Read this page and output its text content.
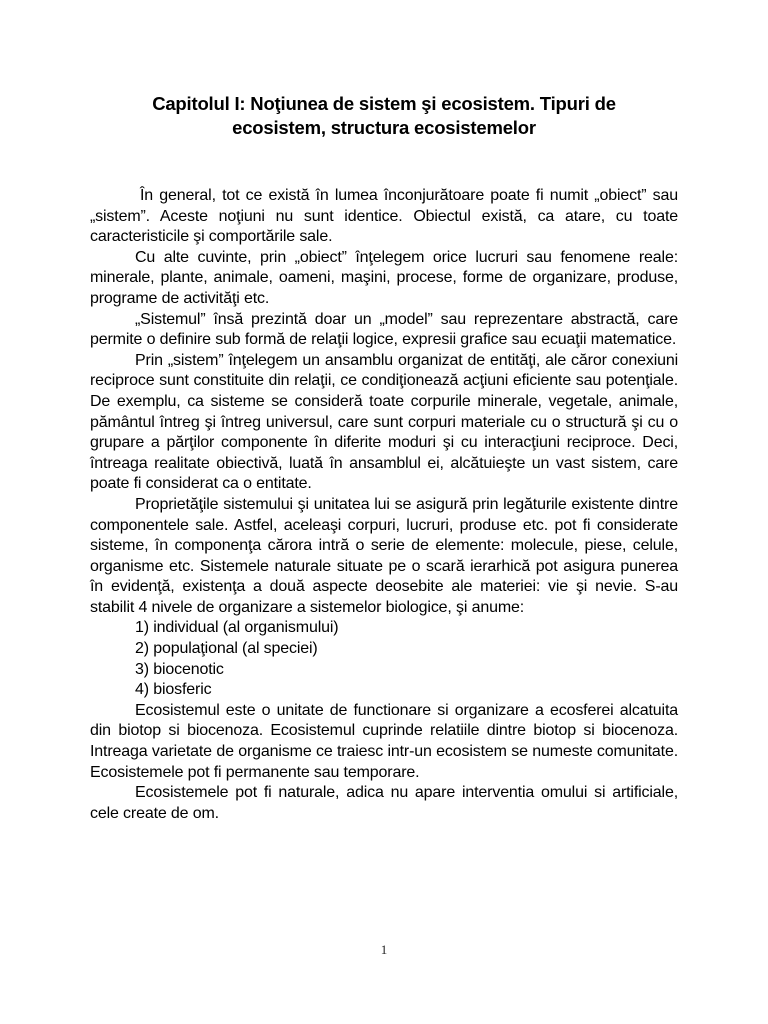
Capitolul I: Noţiunea de sistem şi ecosistem. Tipuri de
ecosistem, structura ecosistemelor

În general, tot ce există în lumea înconjurătoare poate fi numit „obiect” sau „sistem”. Aceste noţiuni nu sunt identice. Obiectul există, ca atare, cu toate caracteristicile şi comportările sale.

Cu alte cuvinte, prin „obiect” înţelegem orice lucruri sau fenomene reale: minerale, plante, animale, oameni, maşini, procese, forme de organizare, produse, programe de activităţi etc.

„Sistemul” însă prezintă doar un „model” sau reprezentare abstractă, care permite o definire sub formă de relaţii logice, expresii grafice sau ecuaţii matematice.

Prin „sistem” înţelegem un ansamblu organizat de entităţi, ale căror conexiuni reciproce sunt constituite din relaţii, ce condiţionează acţiuni eficiente sau potenţiale. De exemplu, ca sisteme se consideră toate corpurile minerale, vegetale, animale, pământul întreg şi întreg universul, care sunt corpuri materiale cu o structură şi cu o grupare a părţilor componente în diferite moduri şi cu interacţiuni reciproce. Deci, întreaga realitate obiectivă, luată în ansamblul ei, alcătuieşte un vast sistem, care poate fi considerat ca o entitate.

Proprietăţile sistemului şi unitatea lui se asigură prin legăturile existente dintre componentele sale. Astfel, aceleaşi corpuri, lucruri, produse etc. pot fi considerate sisteme, în componenţa cărora intră o serie de elemente: molecule, piese, celule, organisme etc. Sistemele naturale situate pe o scară ierarhică pot asigura punerea în evidenţă, existenţa a două aspecte deosebite ale materiei: vie şi nevie. S-au stabilit 4 nivele de organizare a sistemelor biologice, şi anume:

1) individual (al organismului)

2) populaţional (al speciei)

3) biocenotic

4) biosferic

Ecosistemul este o unitate de functionare si organizare a ecosferei alcatuita din biotop si biocenoza. Ecosistemul cuprinde relatiile dintre biotop si biocenoza. Intreaga varietate de organisme ce traiesc intr-un ecosistem se numeste comunitate. Ecosistemele pot fi permanente sau temporare.

Ecosistemele pot fi naturale, adica nu apare interventia omului si artificiale, cele create de om.

1
